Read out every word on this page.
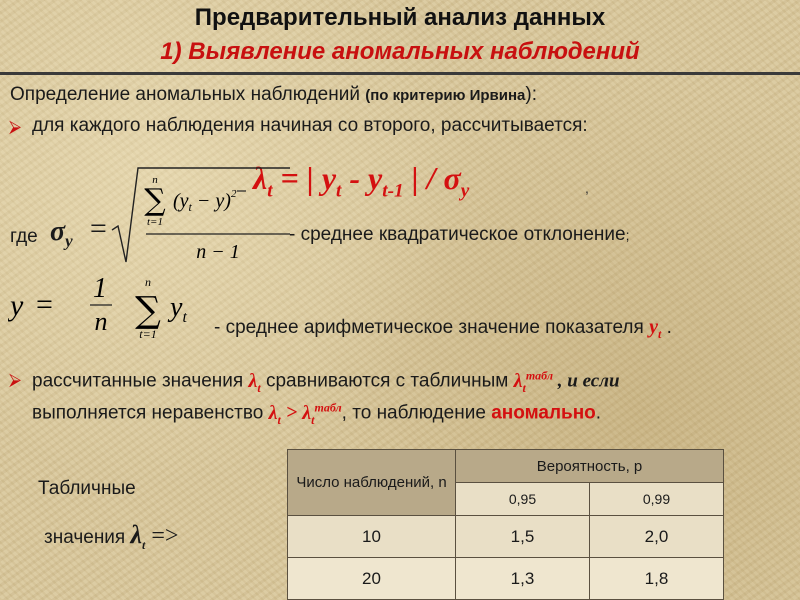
Предварительный анализ данных
1) Выявление аномальных наблюдений
Определение аномальных наблюдений (по критерию Ирвина):
⮚ для каждого наблюдения начиная со второго, рассчитывается:
$\lambda_t$ = | $y_t - y_{t-1}$ | / $\sigma_y$	,
где $\sigma_y$ =
n
∑
t=1
$(y_t - y)^2$
n − 1
- среднее квадратическое отклонение;
y = 1
n
n
∑
t=1
$y_t$ - среднее арифметическое значение показателя $y_t$ .
⮚ рассчитанные значения $\lambda_t$ сравниваются с табличным $\lambda_t^{табл}$ , и если
выполняется неравенство $\lambda_t > \lambda_t^{табл}$, то наблюдение аномально.
Табличные
значения $\lambda_t$ =>
Число наблюдений, n	Вероятность, p	
	0,95	0,99
10	1,5	2,0
20	1,3	1,8
